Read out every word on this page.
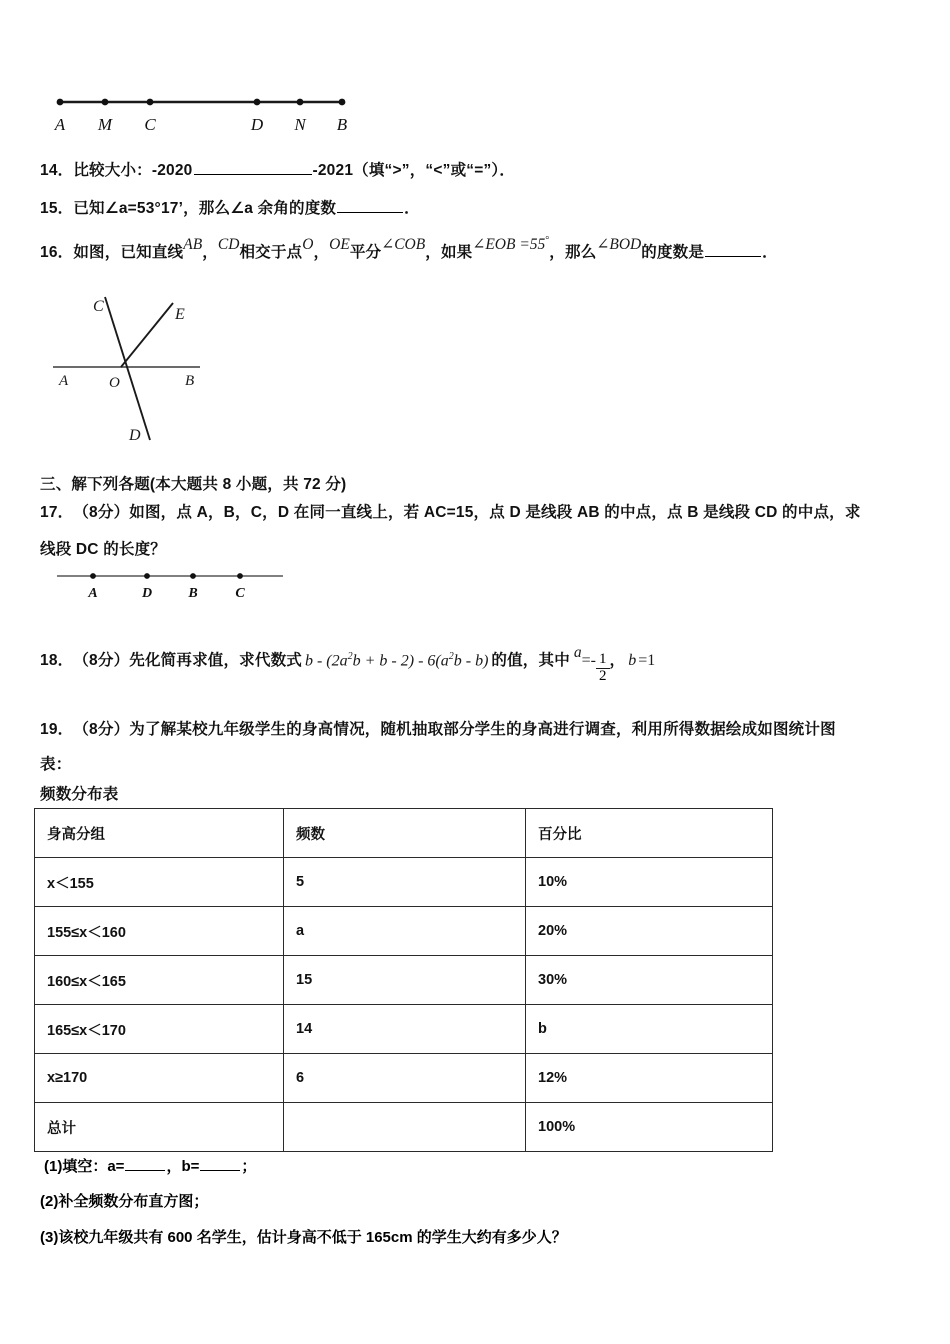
A M C	D N B
14． 比较大小：-2020	-2021（填 “>” ， “<” 或 “=” ）．
15． 已知∠a=53°17’，那么∠a 余角的度数	．
16． 如图，已知直线 AB ， CD 相交于点 O ， OE 平分 ∠COB ， 如果 ∠EOB =55°
， 那么 ∠BOD 的度数是	．
C	E
A	O	B
D
三、解下列各题(本大题共 8 小题，共 72 分)
17． （8分） 如图，点 A，B，C，D 在同一直线上，若 AC=15，点 D 是线段 AB 的中点，点 B 是线段 CD 的中点，求
线段 DC 的长度？
A	D	B	C
18． （8分） 先化简再求值，求代数式 $b - (2a^2b + b - 2) - 6(a^2b - b)$ 的值，其中 $a =- \frac{1}{2}$ ， b =1
19． （8分） 为了解某校九年级学生的身高情况，随机抽取部分学生的身高进行调查，利用所得数据绘成如图统计图
表：
频数分布表
身高分组	频数	百分比
x＜155	5	10%
155≤x＜160	a	20%
160≤x＜165	15	30%
165≤x＜170	14	b
x≥170	6	12%
总计		100%
(1)填空：a=	，b=	；
(2)补全频数分布直方图；
(3)该校九年级共有 600 名学生，估计身高不低于 165cm 的学生大约有多少人？
